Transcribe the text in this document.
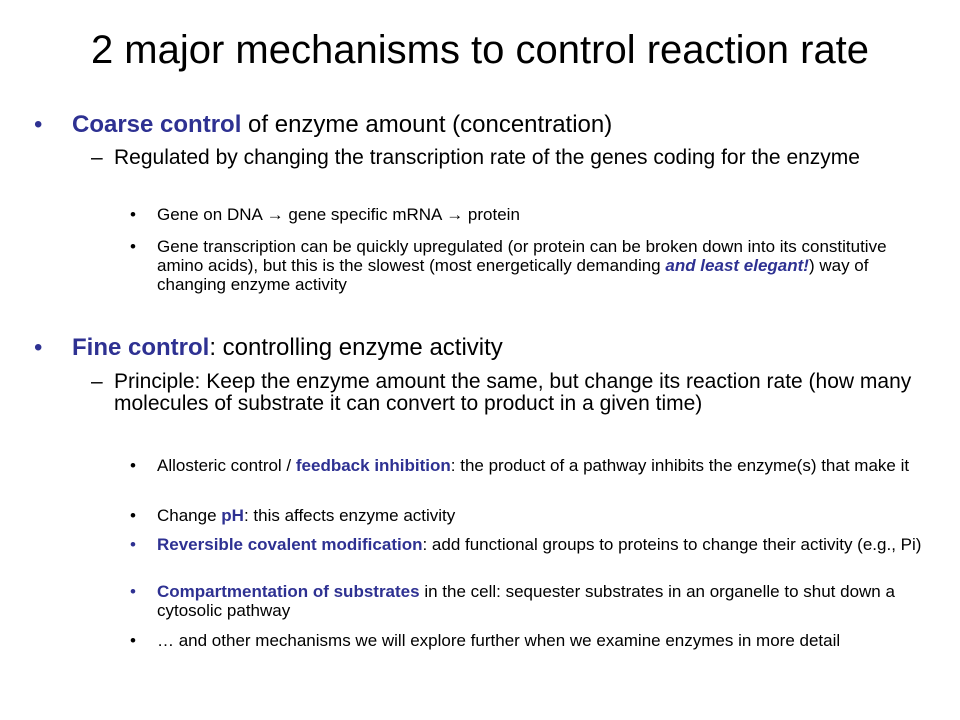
2 major mechanisms to control reaction rate
• Coarse control of enzyme amount (concentration)
– Regulated by changing the transcription rate of the genes coding for the enzyme
• Gene on DNA → gene specific mRNA → protein
• Gene transcription can be quickly upregulated (or protein can be broken down into its constitutive amino acids), but this is the slowest (most energetically demanding and least elegant!) way of changing enzyme activity
• Fine control: controlling enzyme activity
– Principle: Keep the enzyme amount the same, but change its reaction rate (how many molecules of substrate it can convert to product in a given time)
• Allosteric control / feedback inhibition: the product of a pathway inhibits the enzyme(s) that make it
• Change pH: this affects enzyme activity
• Reversible covalent modification: add functional groups to proteins to change their activity (e.g., Pi)
• Compartmentation of substrates in the cell: sequester substrates in an organelle to shut down a cytosolic pathway
• … and other mechanisms we will explore further when we examine enzymes in more detail
